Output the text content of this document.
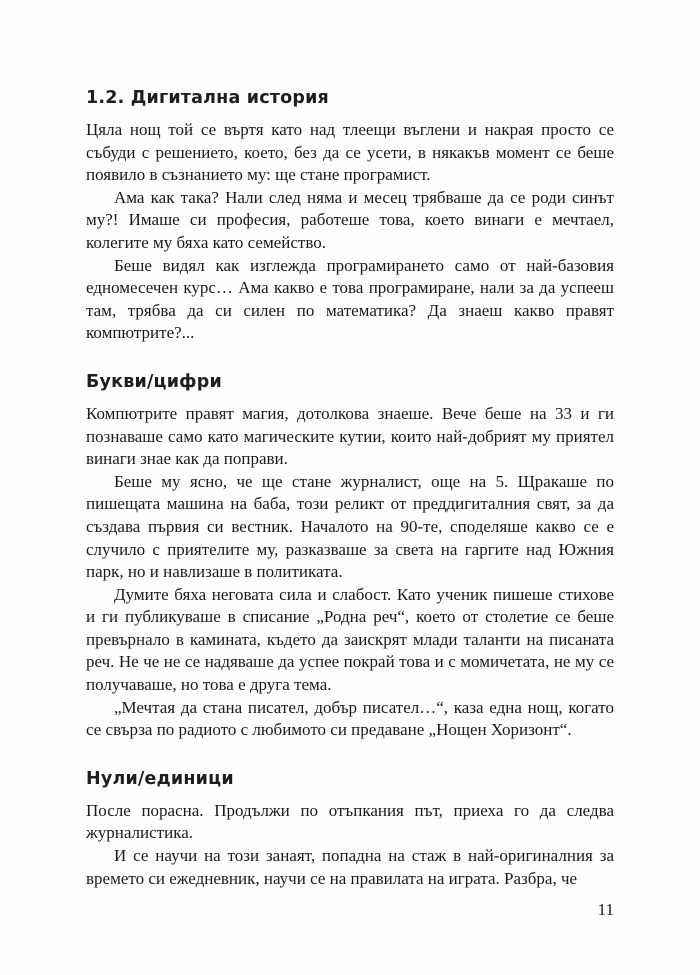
1.2. Дигитална история

Цяла нощ той се въртя като над тлеещи въглени и накрая просто се събуди с решението, което, без да се усети, в някакъв момент се беше появило в съзнанието му: ще стане програмист.

Ама как така? Нали след няма и месец трябваше да се роди синът му?! Имаше си професия, работеше това, което винаги е мечтаел, колегите му бяха като семейство.

Беше видял как изглежда програмирането само от най-базовия едномесечен курс… Ама какво е това програмиране, нали за да успееш там, трябва да си силен по математика? Да знаеш какво правят компютрите?...

Букви/цифри

Компютрите правят магия, дотолкова знаеше. Вече беше на 33 и ги познаваше само като магическите кутии, които най-добрият му приятел винаги знае как да поправи.

Беше му ясно, че ще стане журналист, още на 5. Щракаше по пишещата машина на баба, този реликт от преддигиталния свят, за да създава първия си вестник. Началото на 90-те, споделяше какво се е случило с приятелите му, разказваше за света на гаргите над Южния парк, но и навлизаше в политиката.

Думите бяха неговата сила и слабост. Като ученик пишеше стихове и ги публикуваше в списание „Родна реч“, което от столетие се беше превърнало в камината, където да заискрят млади таланти на писаната реч. Не че не се надяваше да успее покрай това и с момичетата, не му се получаваше, но това е друга тема.

„Мечтая да стана писател, добър писател…“, каза една нощ, когато се свърза по радиото с любимото си предаване „Нощен Хоризонт“.

Нули/единици

После порасна. Продължи по отъпкания път, приеха го да следва журналистика.

И се научи на този занаят, попадна на стаж в най-оригиналния за времето си ежедневник, научи се на правилата на играта. Разбра, че

11
